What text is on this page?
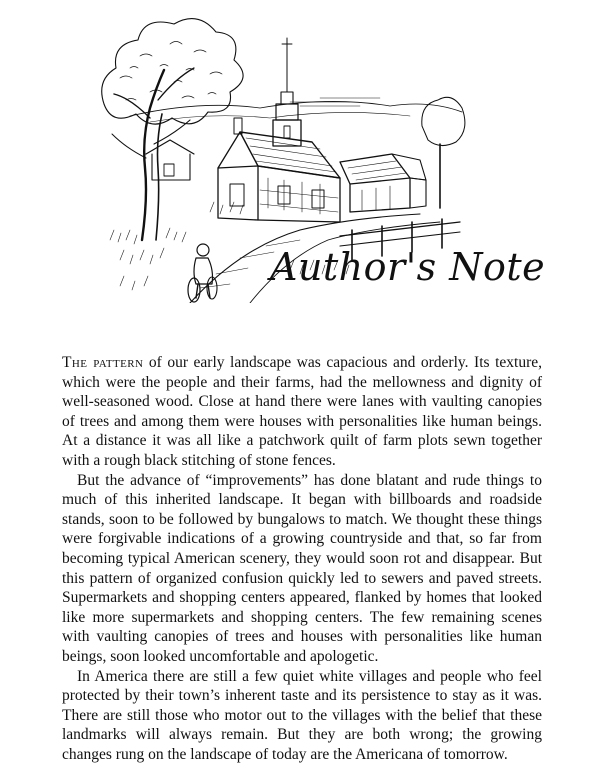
Author's Note

The pattern of our early landscape was capacious and orderly. Its texture, which were the people and their farms, had the mellowness and dignity of well-seasoned wood. Close at hand there were lanes with vaulting canopies of trees and among them were houses with personalities like human beings. At a distance it was all like a patchwork quilt of farm plots sewn together with a rough black stitching of stone fences.

But the advance of “improvements” has done blatant and rude things to much of this inherited landscape. It began with billboards and roadside stands, soon to be followed by bungalows to match. We thought these things were forgivable indications of a growing countryside and that, so far from becoming typical American scenery, they would soon rot and disappear. But this pattern of organized confusion quickly led to sewers and paved streets. Supermarkets and shopping centers appeared, flanked by homes that looked like more supermarkets and shopping centers. The few remaining scenes with vaulting canopies of trees and houses with personalities like human beings, soon looked uncomfortable and apologetic.

In America there are still a few quiet white villages and people who feel protected by their town’s inherent taste and its persistence to stay as it was. There are still those who motor out to the villages with the belief that these landmarks will always remain. But they are both wrong; the growing changes rung on the landscape of today are the Americana of tomorrow.
